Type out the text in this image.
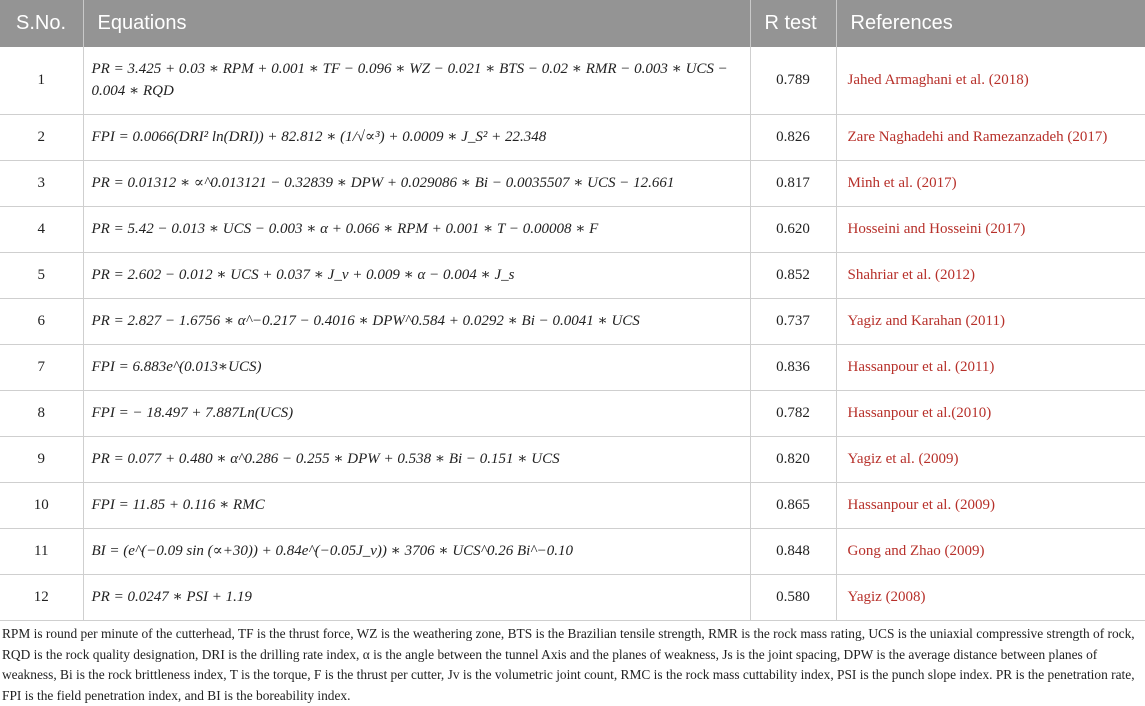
S.No.	Equations	R test	References
1	PR = 3.425 + 0.03 ∗ RPM + 0.001 ∗ TF − 0.096 ∗ WZ − 0.021 ∗ BTS − 0.02 ∗ RMR − 0.003 ∗ UCS − 0.004 ∗ RQD	0.789	Jahed Armaghani et al. (2018)
2	FPI = 0.0066(DRI² ln(DRI)) + 82.812 ∗ (1/√∝³) + 0.0009 ∗ J_S² + 22.348	0.826	Zare Naghadehi and Ramezanzadeh (2017)
3	PR = 0.01312 ∗ ∝^0.013121 − 0.32839 ∗ DPW + 0.029086 ∗ Bi − 0.0035507 ∗ UCS − 12.661	0.817	Minh et al. (2017)
4	PR = 5.42 − 0.013 ∗ UCS − 0.003 ∗ α + 0.066 ∗ RPM + 0.001 ∗ T − 0.00008 ∗ F	0.620	Hosseini and Hosseini (2017)
5	PR = 2.602 − 0.012 ∗ UCS + 0.037 ∗ J_v + 0.009 ∗ α − 0.004 ∗ J_s	0.852	Shahriar et al. (2012)
6	PR = 2.827 − 1.6756 ∗ α^−0.217 − 0.4016 ∗ DPW^0.584 + 0.0292 ∗ Bi − 0.0041 ∗ UCS	0.737	Yagiz and Karahan (2011)
7	FPI = 6.883e^(0.013∗UCS)	0.836	Hassanpour et al. (2011)
8	FPI = − 18.497 + 7.887Ln(UCS)	0.782	Hassanpour et al.(2010)
9	PR = 0.077 + 0.480 ∗ α^0.286 − 0.255 ∗ DPW + 0.538 ∗ Bi − 0.151 ∗ UCS	0.820	Yagiz et al. (2009)
10	FPI = 11.85 + 0.116 ∗ RMC	0.865	Hassanpour et al. (2009)
11	BI = (e^(−0.09 sin (∝+30)) + 0.84e^(−0.05J_v)) ∗ 3706 ∗ UCS^0.26 Bi^−0.10	0.848	Gong and Zhao (2009)
12	PR = 0.0247 ∗ PSI + 1.19	0.580	Yagiz (2008)

RPM is round per minute of the cutterhead, TF is the thrust force, WZ is the weathering zone, BTS is the Brazilian tensile strength, RMR is the rock mass rating, UCS is the uniaxial compressive strength of rock, RQD is the rock quality designation, DRI is the drilling rate index, α is the angle between the tunnel Axis and the planes of weakness, Js is the joint spacing, DPW is the average distance between planes of weakness, Bi is the rock brittleness index, T is the torque, F is the thrust per cutter, Jv is the volumetric joint count, RMC is the rock mass cuttability index, PSI is the punch slope index. PR is the penetration rate, FPI is the field penetration index, and BI is the boreability index.
